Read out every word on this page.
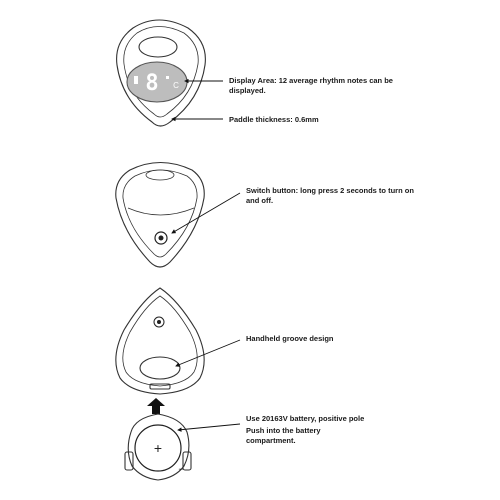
8 C
+
−
Display Area: 12 average rhythm notes can be displayed.
Paddle thickness: 0.6mm
Switch button: long press 2 seconds to turn on and off.
Handheld groove design
Use 20163V battery, positive pole
Push into the battery compartment.
